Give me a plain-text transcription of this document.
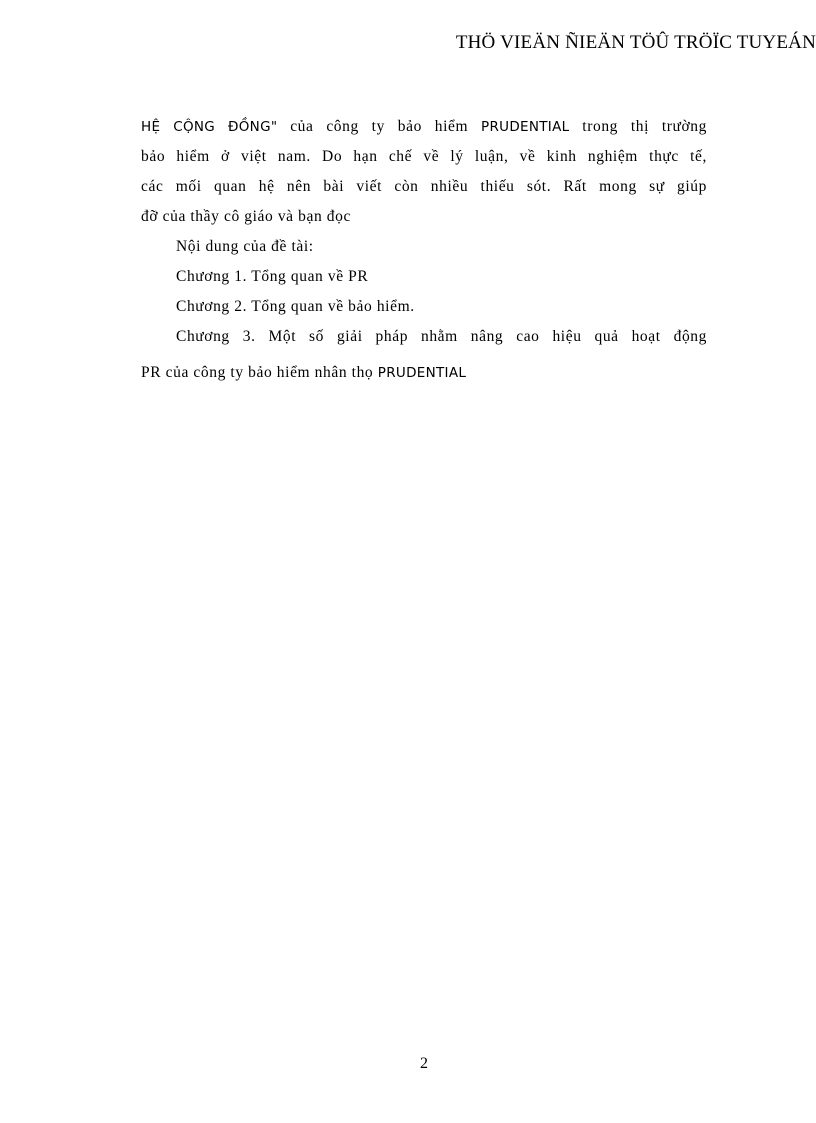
THÖ VIEÄN ÑIEÄN TÖÛ TRÖÏC TUYEÁN
HỆ CỘNG ĐỒNG" của công ty bảo hiểm PRUDENTIAL trong thị trường
bảo hiểm ở việt nam. Do hạn chế về lý luận, về kinh nghiệm thực tế,
các mối quan hệ nên bài viết còn nhiều thiếu sót. Rất mong sự giúp
đỡ của thầy cô giáo và bạn đọc
Nội dung của đề tài:
Chương 1. Tổng quan về PR
Chương 2. Tổng quan về bảo hiểm.
Chương 3. Một số giải pháp nhằm nâng cao hiệu quả hoạt động
PR của công ty bảo hiểm nhân thọ PRUDENTIAL
2
